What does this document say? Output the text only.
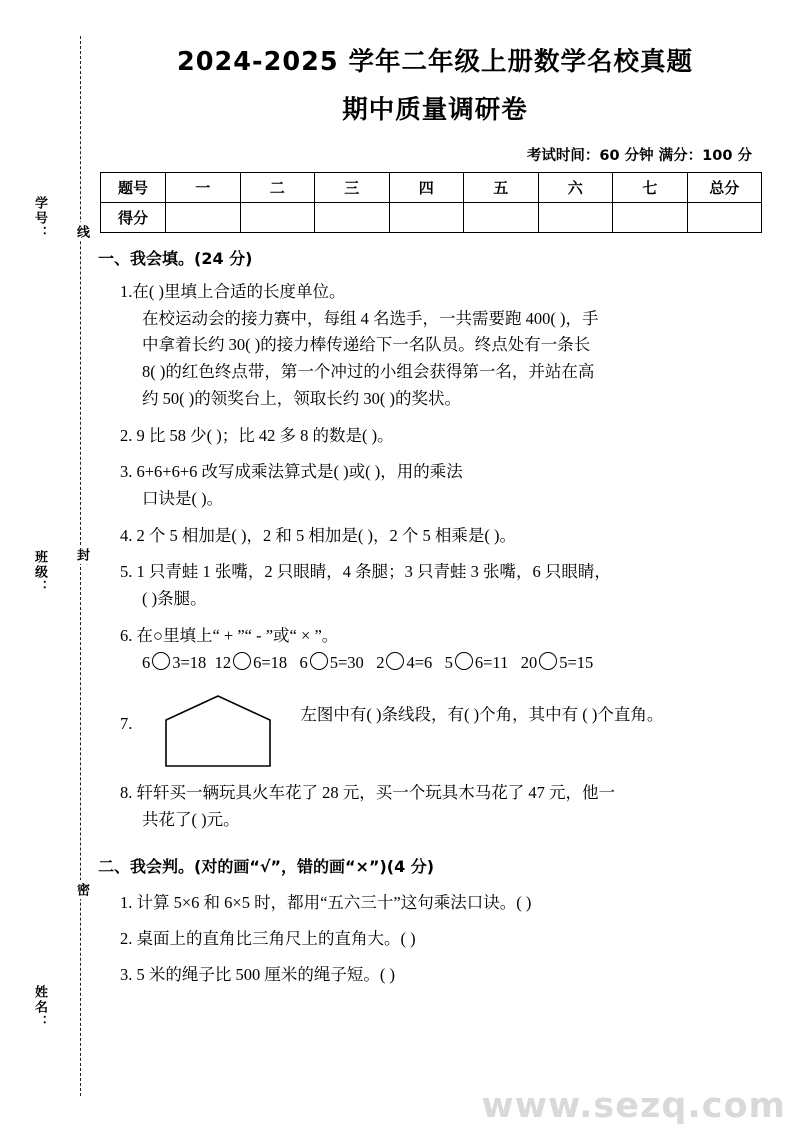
学号：
班级：
姓名：
线
封
密
2024-2025 学年二年级上册数学名校真题
期中质量调研卷
考试时间：60 分钟 满分：100 分
题号	一	二	三	四	五	六	七	总分
得分								
一、我会填。(24 分)
1.在( )里填上合适的长度单位。
在校运动会的接力赛中，每组 4 名选手，一共需要跑 400( )，手
中拿着长约 30( )的接力棒传递给下一名队员。终点处有一条长
8( )的红色终点带，第一个冲过的小组会获得第一名，并站在高
约 50( )的领奖台上，领取长约 30( )的奖状。
2. 9 比 58 少( )；比 42 多 8 的数是( )。
3. 6+6+6+6 改写成乘法算式是( )或( )，用的乘法
口诀是( )。
4. 2 个 5 相加是( )，2 和 5 相加是( )，2 个 5 相乘是( )。
5. 1 只青蛙 1 张嘴，2 只眼睛，4 条腿；3 只青蛙 3 张嘴，6 只眼睛，
( )条腿。
6. 在○里填上“ + ”“ - ”或“ × ”。
6 3=18 12 6=18 6 5=30 2 4=6 5 6=11 20 5=15
7.	左图中有( )条线段，有( )个角，其中有 ( )个直角。
8. 轩轩买一辆玩具火车花了 28 元，买一个玩具木马花了 47 元，他一
共花了( )元。
二、我会判。(对的画“√”，错的画“×”)(4 分)
1. 计算 5×6 和 6×5 时，都用“五六三十”这句乘法口诀。( )
2. 桌面上的直角比三角尺上的直角大。( )
3. 5 米的绳子比 500 厘米的绳子短。( )
www.sezq.com
